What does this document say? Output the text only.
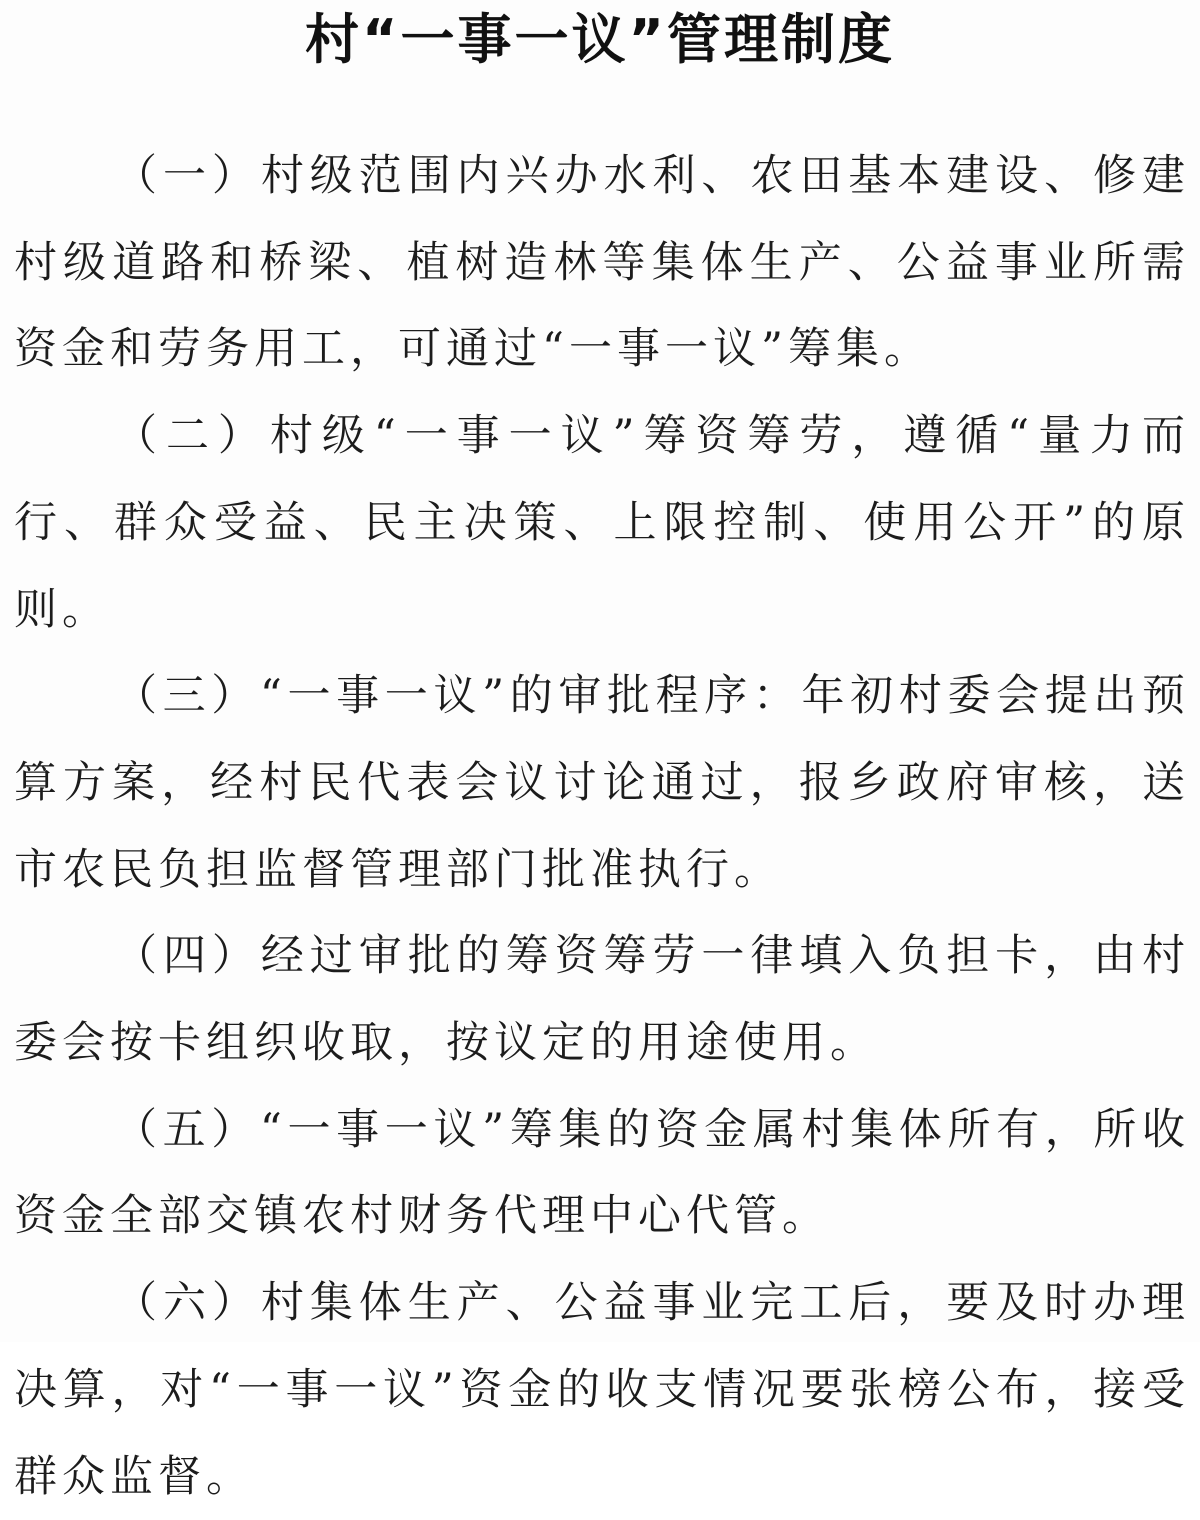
村“一事一议”管理制度

（一）村级范围内兴办水利、农田基本建设、修建村级道路和桥梁、植树造林等集体生产、公益事业所需资金和劳务用工，可通过“一事一议”筹集。

（二）村级“一事一议”筹资筹劳，遵循“量力而行、群众受益、民主决策、上限控制、使用公开”的原则。

（三）“一事一议”的审批程序：年初村委会提出预算方案，经村民代表会议讨论通过，报乡政府审核，送市农民负担监督管理部门批准执行。

（四）经过审批的筹资筹劳一律填入负担卡，由村委会按卡组织收取，按议定的用途使用。

（五）“一事一议”筹集的资金属村集体所有，所收资金全部交镇农村财务代理中心代管。

（六）村集体生产、公益事业完工后，要及时办理决算，对“一事一议”资金的收支情况要张榜公布，接受群众监督。
